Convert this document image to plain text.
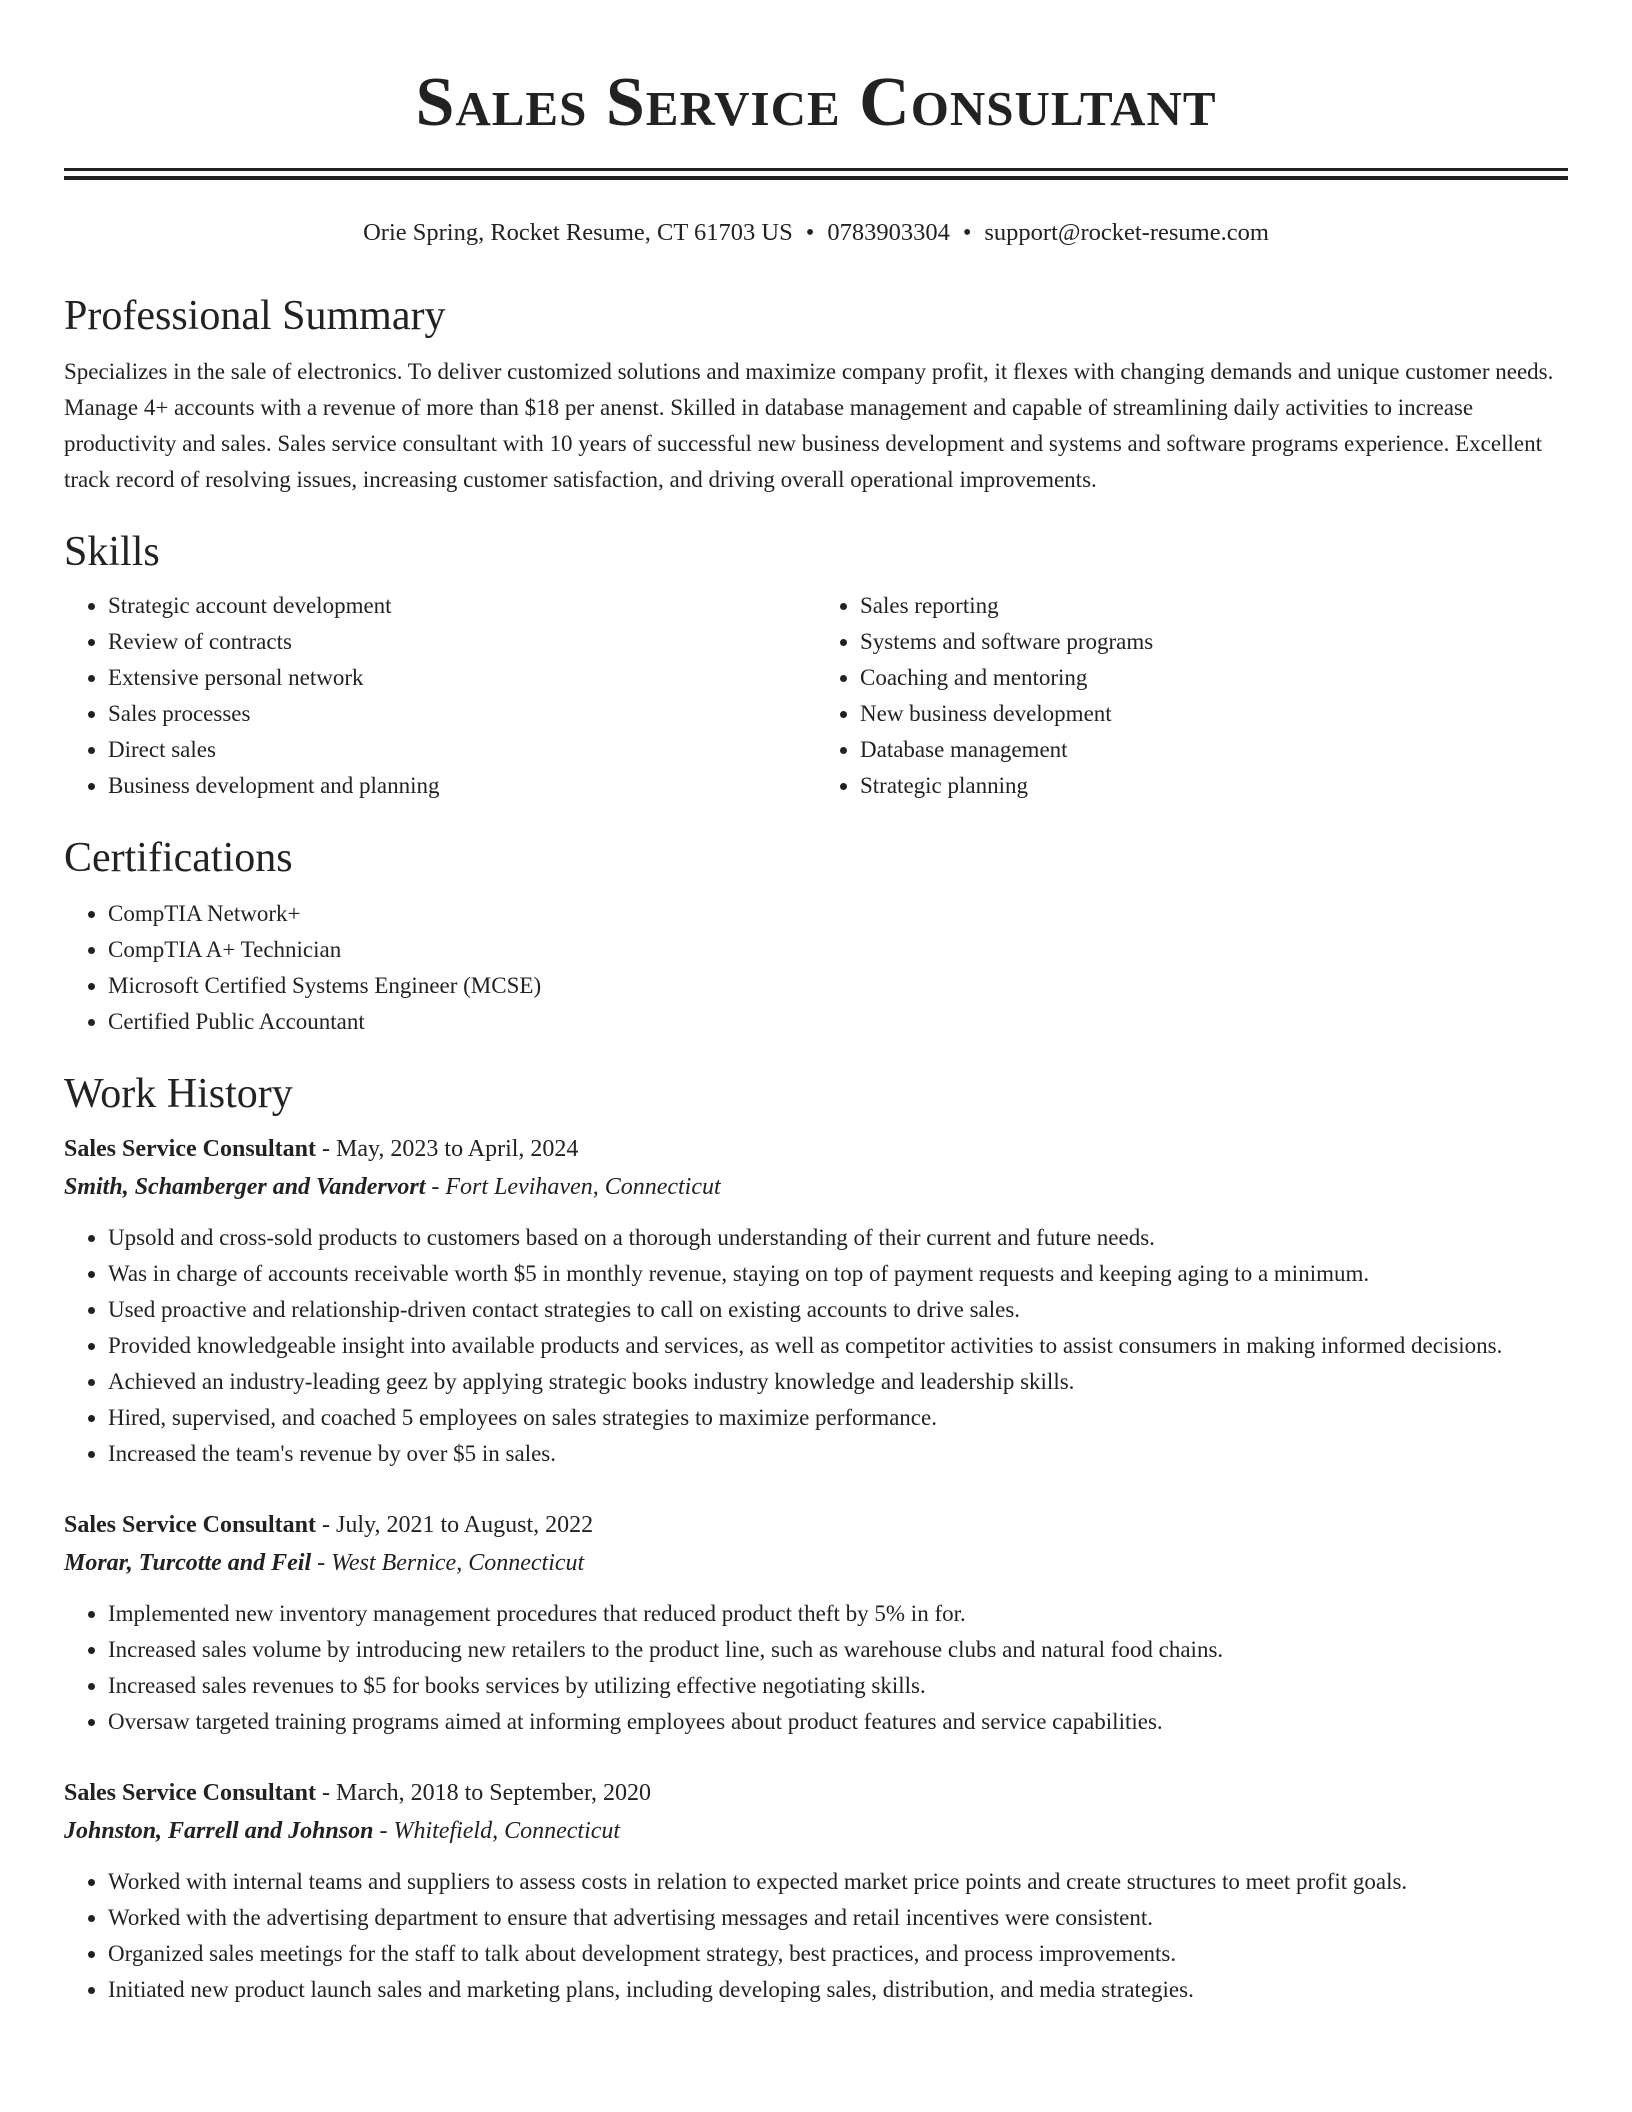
Sales Service Consultant
Orie Spring, Rocket Resume, CT 61703 US • 0783903304 • support@rocket-resume.com
Professional Summary

Specializes in the sale of electronics. To deliver customized solutions and maximize company profit, it flexes with changing demands and unique customer needs. Manage 4+ accounts with a revenue of more than $18 per anenst. Skilled in database management and capable of streamlining daily activities to increase productivity and sales. Sales service consultant with 10 years of successful new business development and systems and software programs experience. Excellent track record of resolving issues, increasing customer satisfaction, and driving overall operational improvements.

Skills
• Strategic account development
• Review of contracts
• Extensive personal network
• Sales processes
• Direct sales
• Business development and planning
• Sales reporting
• Systems and software programs
• Coaching and mentoring
• New business development
• Database management
• Strategic planning
Certifications
• CompTIA Network+
• CompTIA A+ Technician
• Microsoft Certified Systems Engineer (MCSE)
• Certified Public Accountant
Work History

Sales Service Consultant - May, 2023 to April, 2024

Smith, Schamberger and Vandervort - Fort Levihaven, Connecticut

• Upsold and cross-sold products to customers based on a thorough understanding of their current and future needs.
• Was in charge of accounts receivable worth $5 in monthly revenue, staying on top of payment requests and keeping aging to a minimum.
• Used proactive and relationship-driven contact strategies to call on existing accounts to drive sales.
• Provided knowledgeable insight into available products and services, as well as competitor activities to assist consumers in making informed decisions.
• Achieved an industry-leading geez by applying strategic books industry knowledge and leadership skills.
• Hired, supervised, and coached 5 employees on sales strategies to maximize performance.
• Increased the team's revenue by over $5 in sales.

Sales Service Consultant - July, 2021 to August, 2022

Morar, Turcotte and Feil - West Bernice, Connecticut

• Implemented new inventory management procedures that reduced product theft by 5% in for.
• Increased sales volume by introducing new retailers to the product line, such as warehouse clubs and natural food chains.
• Increased sales revenues to $5 for books services by utilizing effective negotiating skills.
• Oversaw targeted training programs aimed at informing employees about product features and service capabilities.

Sales Service Consultant - March, 2018 to September, 2020

Johnston, Farrell and Johnson - Whitefield, Connecticut

• Worked with internal teams and suppliers to assess costs in relation to expected market price points and create structures to meet profit goals.
• Worked with the advertising department to ensure that advertising messages and retail incentives were consistent.
• Organized sales meetings for the staff to talk about development strategy, best practices, and process improvements.
• Initiated new product launch sales and marketing plans, including developing sales, distribution, and media strategies.
